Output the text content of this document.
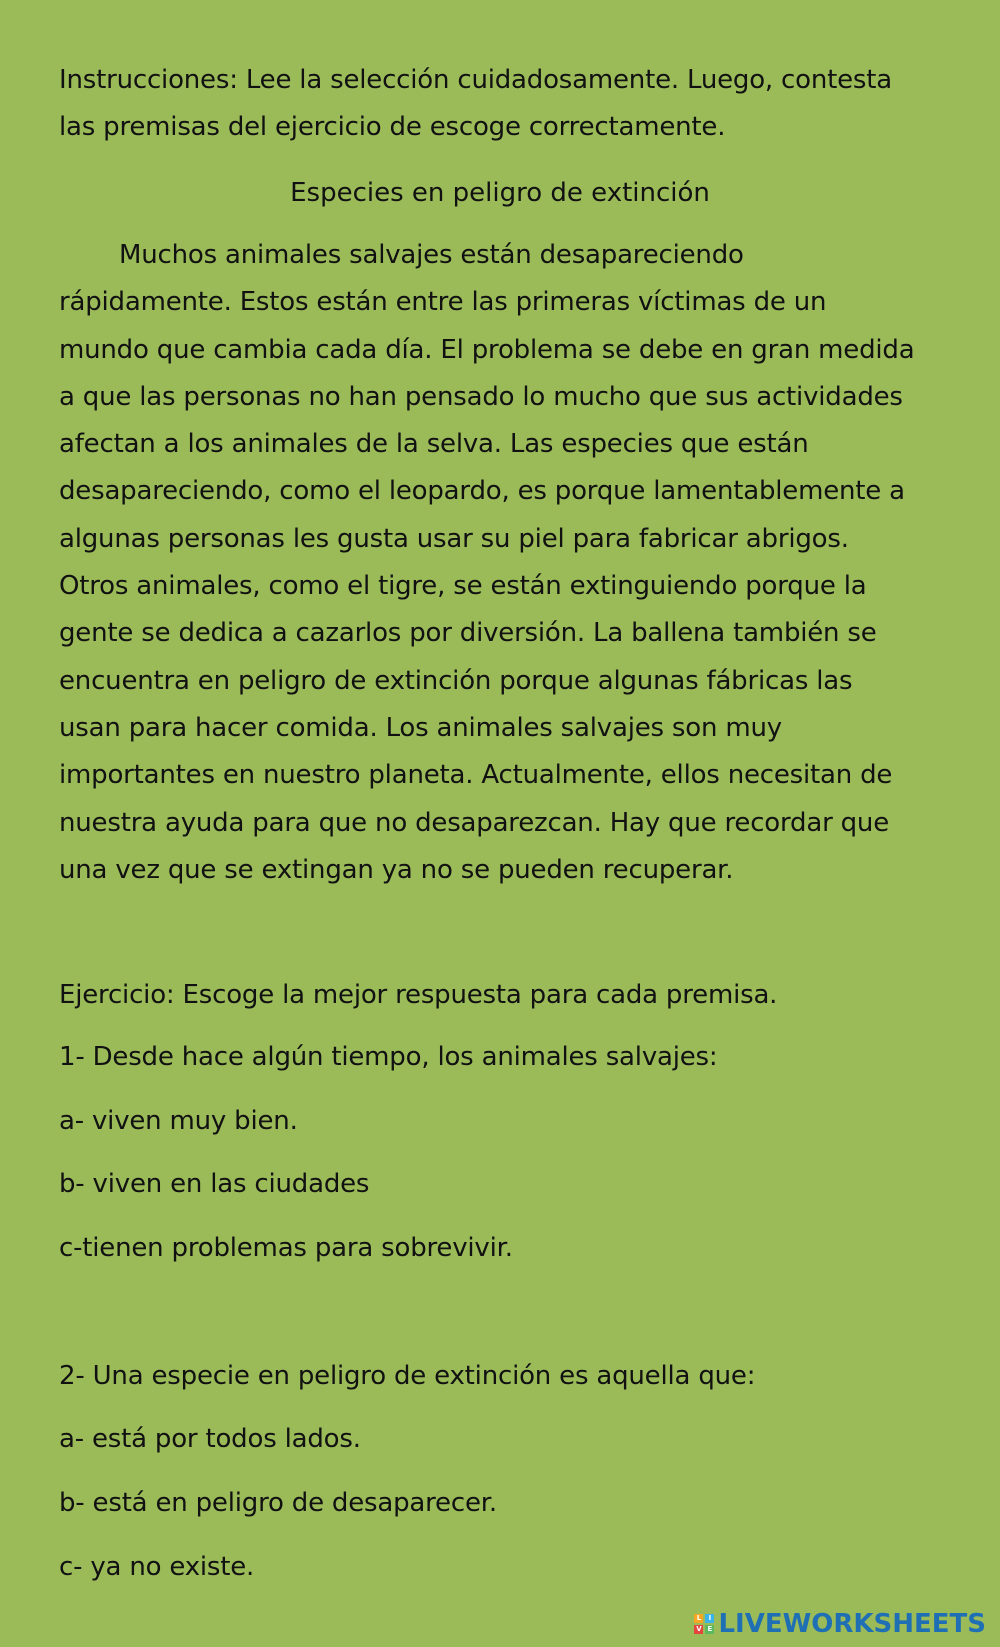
Instrucciones: Lee la selección cuidadosamente. Luego, contesta
las premisas del ejercicio de escoge correctamente.
Especies en peligro de extinción
Muchos animales salvajes están desapareciendo
rápidamente. Estos están entre las primeras víctimas de un
mundo que cambia cada día. El problema se debe en gran medida
a que las personas no han pensado lo mucho que sus actividades
afectan a los animales de la selva. Las especies que están
desapareciendo, como el leopardo, es porque lamentablemente a
algunas personas les gusta usar su piel para fabricar abrigos.
Otros animales, como el tigre, se están extinguiendo porque la
gente se dedica a cazarlos por diversión. La ballena también se
encuentra en peligro de extinción porque algunas fábricas las
usan para hacer comida. Los animales salvajes son muy
importantes en nuestro planeta. Actualmente, ellos necesitan de
nuestra ayuda para que no desaparezcan. Hay que recordar que
una vez que se extingan ya no se pueden recuperar.
Ejercicio: Escoge la mejor respuesta para cada premisa.
1- Desde hace algún tiempo, los animales salvajes:
a- viven muy bien.
b- viven en las ciudades
c-tienen problemas para sobrevivir.
2- Una especie en peligro de extinción es aquella que:
a- está por todos lados.
b- está en peligro de desaparecer.
c- ya no existe.
L	I
V E LIVEWORKSHEETS
